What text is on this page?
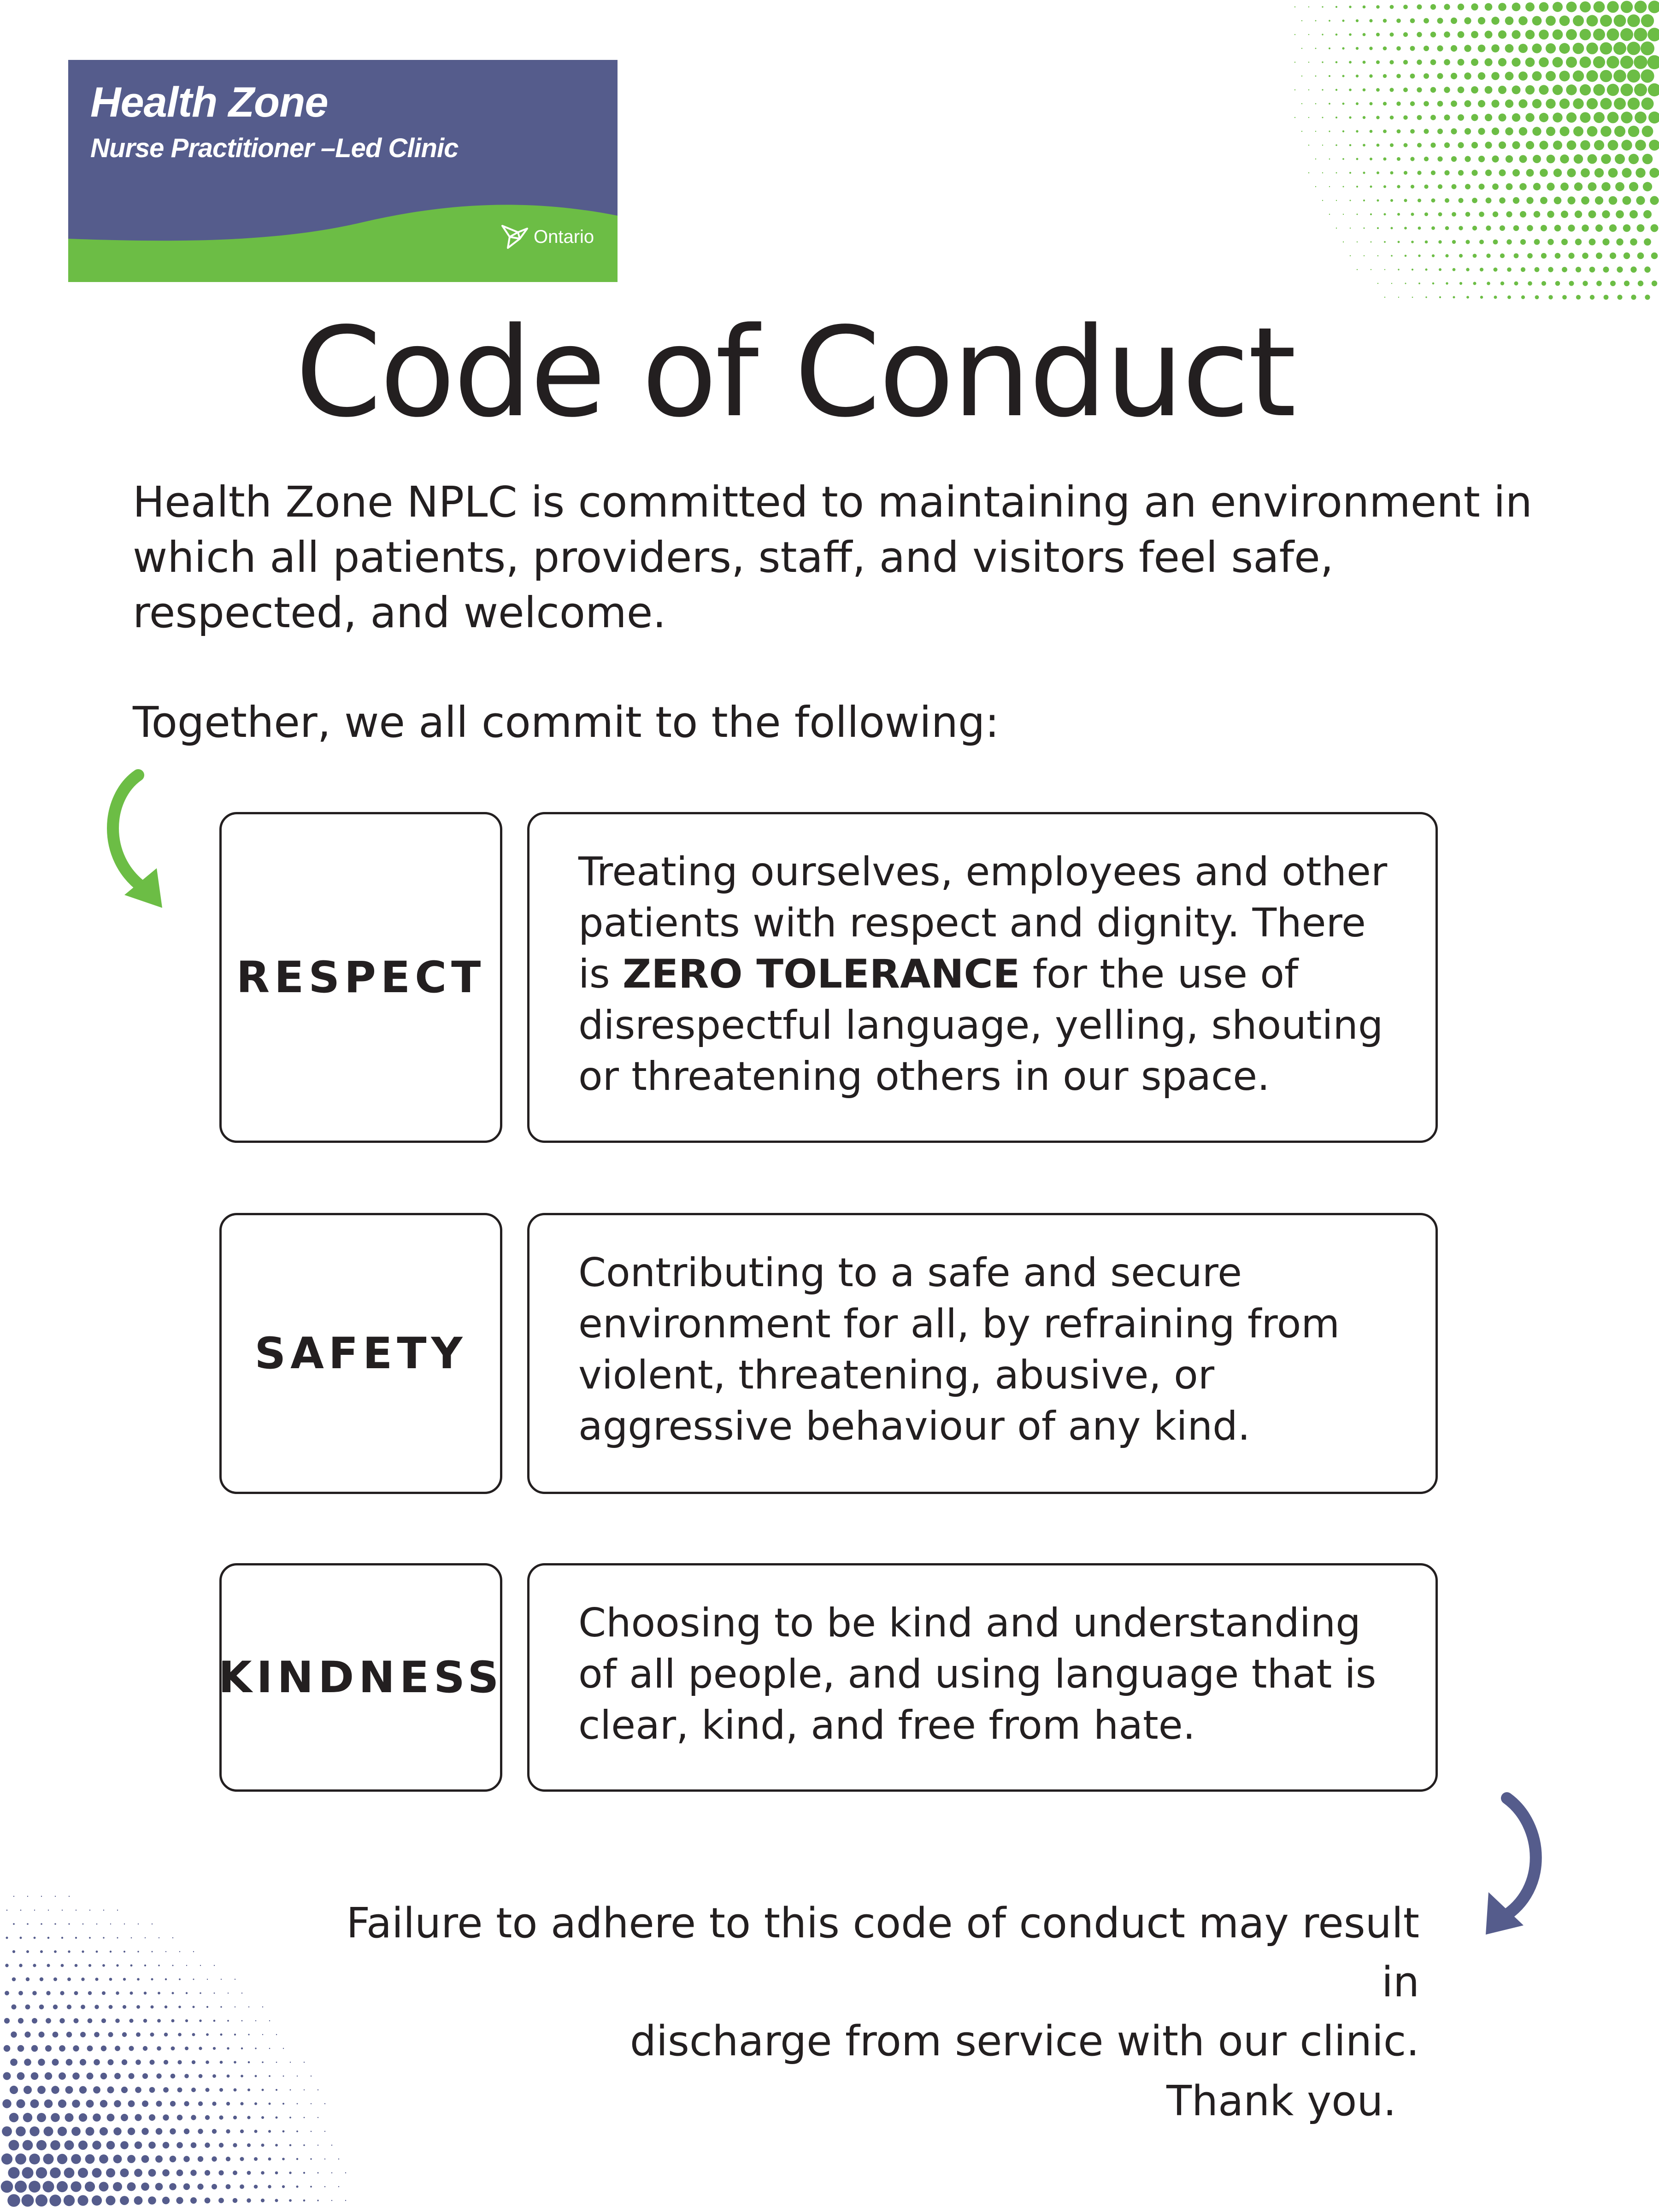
Health Zone
Nurse Practitioner –Led Clinic
Ontario
Code of Conduct
Health Zone NPLC is committed to maintaining an environment in which all patients, providers, staff, and visitors feel safe, respected, and welcome.
Together, we all commit to the following:
RESPECT
Treating ourselves, employees and other patients with respect and dignity. There is ZERO TOLERANCE for the use of disrespectful language, yelling, shouting or threatening others in our space.
SAFETY
Contributing to a safe and secure environment for all, by refraining from violent, threatening, abusive, or aggressive behaviour of any kind.
KINDNESS
Choosing to be kind and understanding of all people, and using language that is clear, kind, and free from hate.
Failure to adhere to this code of conduct may result in
discharge from service with our clinic.
Thank you.
